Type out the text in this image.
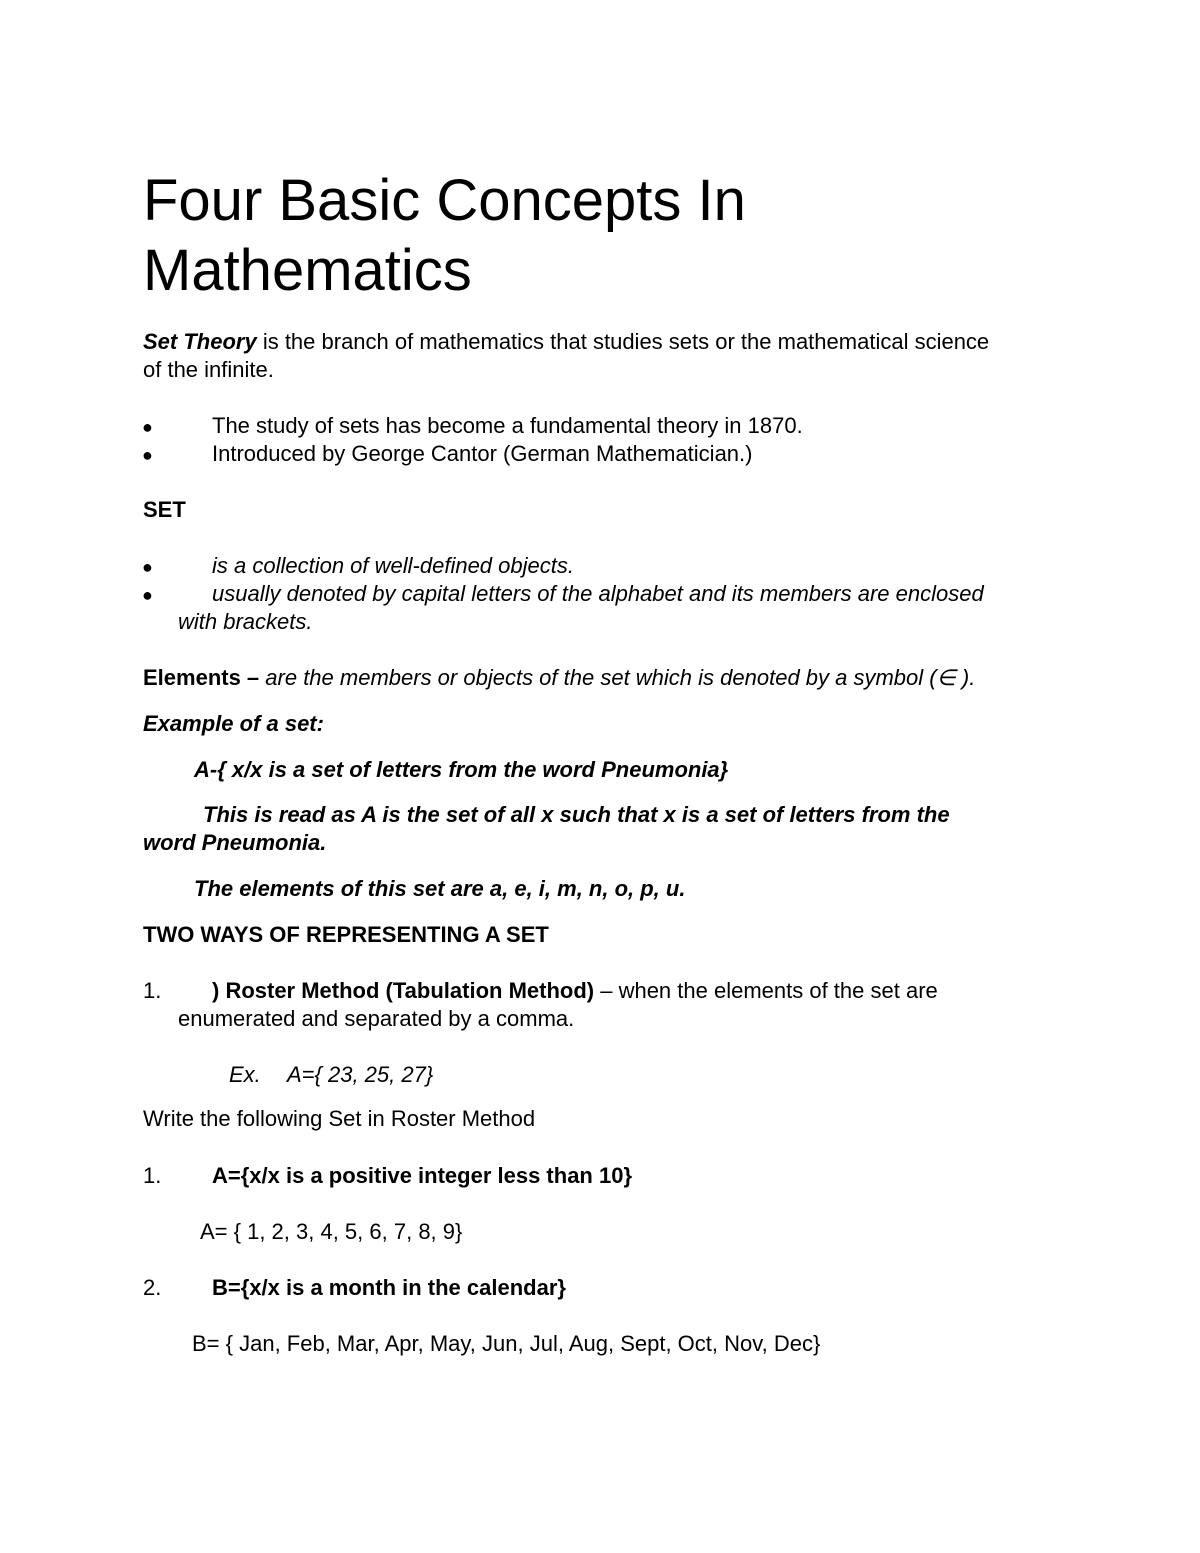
Four Basic Concepts In
Mathematics
Set Theory is the branch of mathematics that studies sets or the mathematical science
of the infinite.
●	The study of sets has become a fundamental theory in 1870.
●	Introduced by George Cantor (German Mathematician.)
SET
●	is a collection of well-defined objects.
●	usually denoted by capital letters of the alphabet and its members are enclosed
with brackets.
Elements – are the members or objects of the set which is denoted by a symbol (∈ ).
Example of a set:
A-{ x/x is a set of letters from the word Pneumonia}
This is read as A is the set of all x such that x is a set of letters from the
word Pneumonia.
The elements of this set are a, e, i, m, n, o, p, u.
TWO WAYS OF REPRESENTING A SET
1. ) Roster Method (Tabulation Method) – when the elements of the set are
enumerated and separated by a comma.
Ex. A={ 23, 25, 27}
Write the following Set in Roster Method
1. A={x/x is a positive integer less than 10}
A= { 1, 2, 3, 4, 5, 6, 7, 8, 9}
2. B={x/x is a month in the calendar}
B= { Jan, Feb, Mar, Apr, May, Jun, Jul, Aug, Sept, Oct, Nov, Dec}
